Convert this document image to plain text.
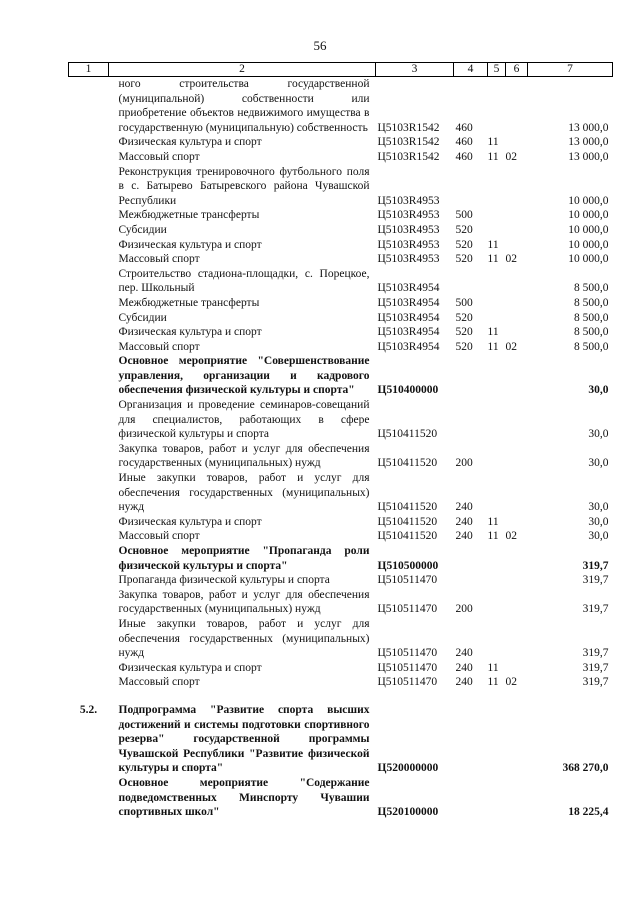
56
1	2	3	4	5	6	7
	ного строительства государственной (муниципальной) собственности или приобретение объектов недвижимого имущества в государственную (муниципальную) собственность	Ц5103R1542	460			13 000,0
	Физическая культура и спорт	Ц5103R1542	460	11		13 000,0
	Массовый спорт	Ц5103R1542	460	11	02	13 000,0
	Реконструкция тренировочного футбольного поля в с. Батырево Батыревского района Чувашской Республики	Ц5103R4953				10 000,0
	Межбюджетные трансферты	Ц5103R4953	500			10 000,0
	Субсидии	Ц5103R4953	520			10 000,0
	Физическая культура и спорт	Ц5103R4953	520	11		10 000,0
	Массовый спорт	Ц5103R4953	520	11	02	10 000,0
	Строительство стадиона-площадки, с. Порецкое, пер. Школьный	Ц5103R4954				8 500,0
	Межбюджетные трансферты	Ц5103R4954	500			8 500,0
	Субсидии	Ц5103R4954	520			8 500,0
	Физическая культура и спорт	Ц5103R4954	520	11		8 500,0
	Массовый спорт	Ц5103R4954	520	11	02	8 500,0
	Основное мероприятие "Совершенствование управления, организации и кадрового обеспечения физической культуры и спорта"	Ц510400000				30,0
	Организация и проведение семинаров-совещаний для специалистов, работающих в сфере физической культуры и спорта	Ц510411520				30,0
	Закупка товаров, работ и услуг для обеспечения государственных (муниципальных) нужд	Ц510411520	200			30,0
	Иные закупки товаров, работ и услуг для обеспечения государственных (муниципальных) нужд	Ц510411520	240			30,0
	Физическая культура и спорт	Ц510411520	240	11		30,0
	Массовый спорт	Ц510411520	240	11	02	30,0
	Основное мероприятие "Пропаганда роли физической культуры и спорта"	Ц510500000				319,7
	Пропаганда физической культуры и спорта	Ц510511470				319,7
	Закупка товаров, работ и услуг для обеспечения государственных (муниципальных) нужд	Ц510511470	200			319,7
	Иные закупки товаров, работ и услуг для обеспечения государственных (муниципальных) нужд	Ц510511470	240			319,7
	Физическая культура и спорт	Ц510511470	240	11		319,7
	Массовый спорт	Ц510511470	240	11	02	319,7

5.2.	Подпрограмма "Развитие спорта высших достижений и системы подготовки спортивного резерва" государственной программы Чувашской Республики "Развитие физической культуры и спорта"	Ц520000000				368 270,0
	Основное мероприятие "Содержание подведомственных Минспорту Чувашии спортивных школ"	Ц520100000				18 225,4
